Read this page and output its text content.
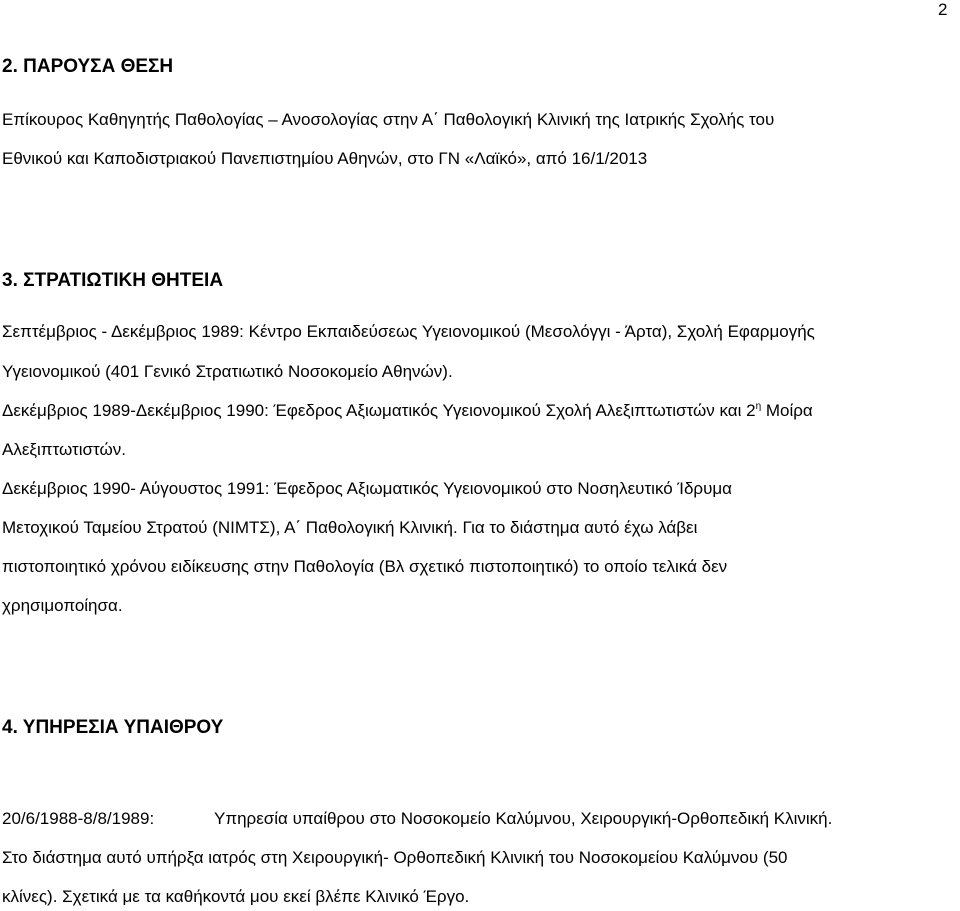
2
2. ΠΑΡΟΥΣΑ ΘΕΣΗ
Επίκουρος Καθηγητής Παθολογίας – Ανοσολογίας στην Α΄ Παθολογική Κλινική της Ιατρικής Σχολής του
Εθνικού και Καποδιστριακού Πανεπιστημίου Αθηνών, στο ΓΝ «Λαϊκό», από 16/1/2013
3. ΣΤΡΑΤΙΩΤΙΚΗ ΘΗΤΕΙΑ
Σεπτέμβριος - Δεκέμβριος 1989: Κέντρο Εκπαιδεύσεως Υγειονομικού (Μεσολόγγι - Άρτα), Σχολή Εφαρμογής
Υγειονομικού (401 Γενικό Στρατιωτικό Νοσοκομείο Αθηνών).
Δεκέμβριος 1989-Δεκέμβριος 1990: Έφεδρος Αξιωματικός Υγειονομικού Σχολή Αλεξιπτωτιστών και $2^\eta$ Μοίρα
Αλεξιπτωτιστών.
Δεκέμβριος 1990- Αύγουστος 1991: Έφεδρος Αξιωματικός Υγειονομικού στο Νοσηλευτικό Ίδρυμα
Μετοχικού Ταμείου Στρατού (ΝΙΜΤΣ), Α΄ Παθολογική Κλινική. Για το διάστημα αυτό έχω λάβει
πιστοποιητικό χρόνου ειδίκευσης στην Παθολογία (Βλ σχετικό πιστοποιητικό) το οποίο τελικά δεν
χρησιμοποίησα.
4. ΥΠΗΡΕΣΙΑ ΥΠΑΙΘΡΟΥ
20/6/1988-8/8/1989:	Υπηρεσία υπαίθρου στο Νοσοκομείο Καλύμνου, Χειρουργική-Ορθοπεδική Κλινική.
Στο διάστημα αυτό υπήρξα ιατρός στη Χειρουργική- Ορθοπεδική Κλινική του Νοσοκομείου Καλύμνου (50
κλίνες). Σχετικά με τα καθήκοντά μου εκεί βλέπε Κλινικό Έργο.
